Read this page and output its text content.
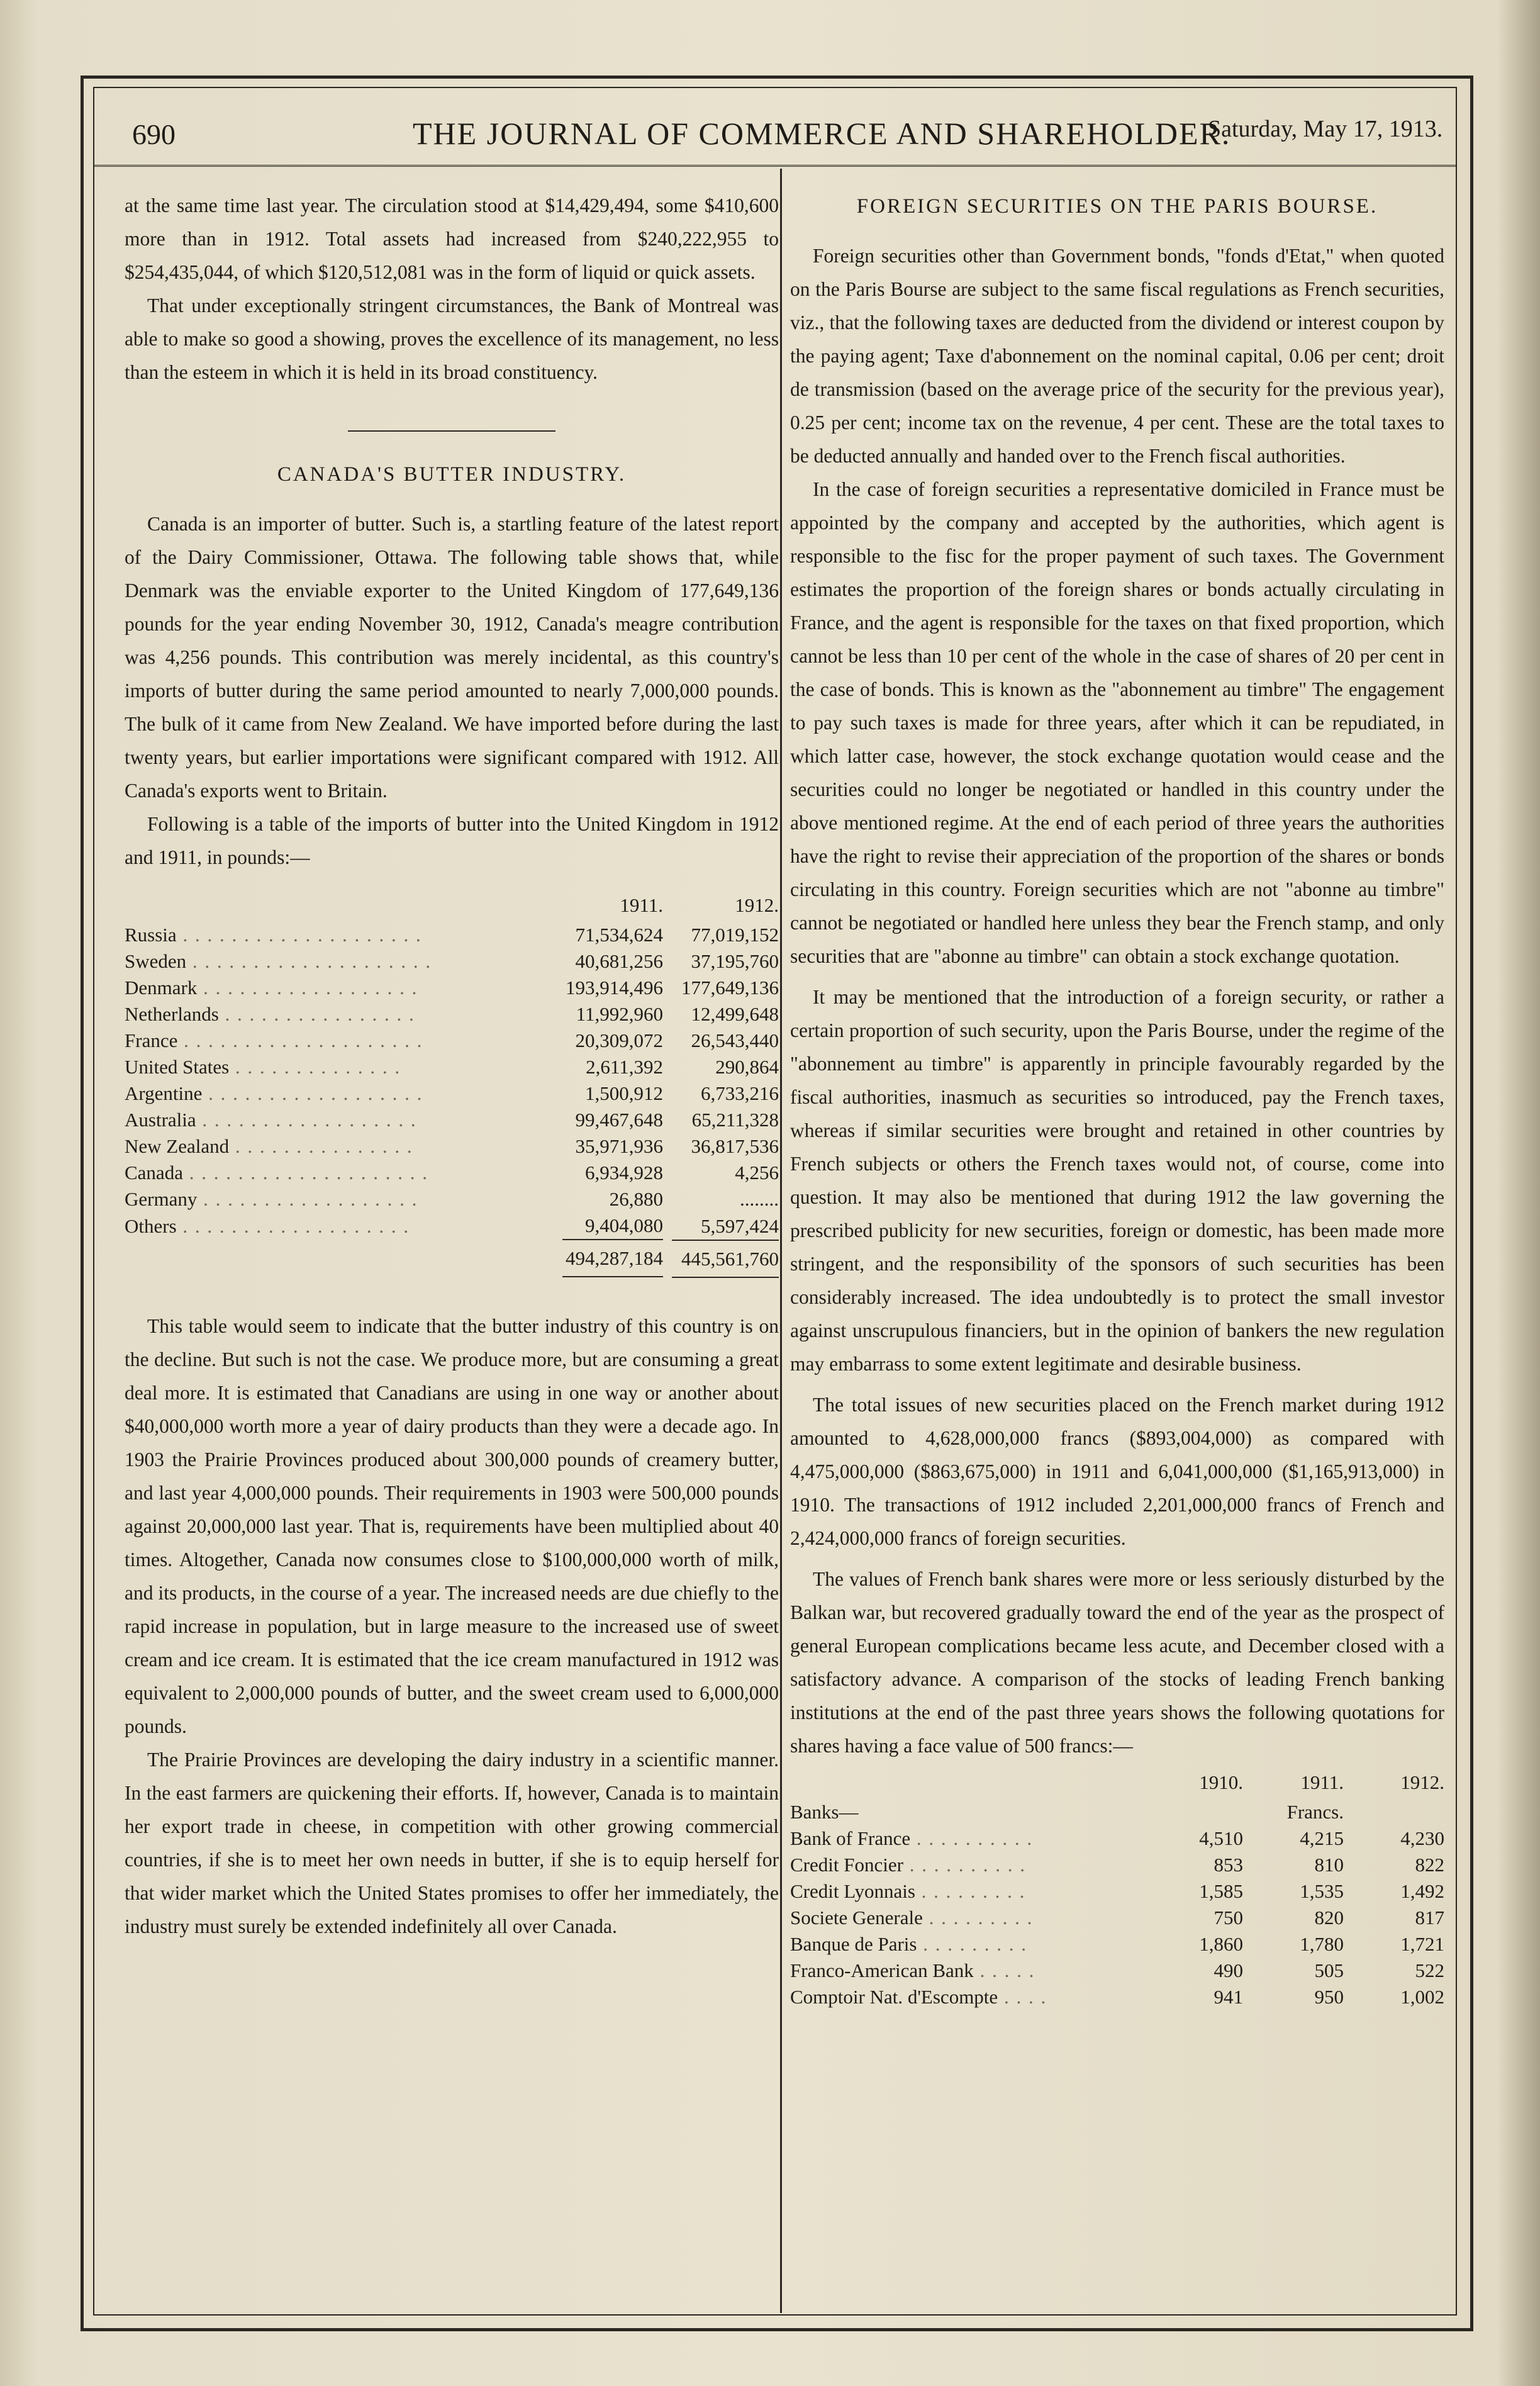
690	THE JOURNAL OF COMMERCE AND SHAREHOLDER.
Saturday, May 17, 1913.

at the same time last year. The circulation stood at $14,429,494, some $410,600 more than in 1912. Total assets had increased from $240,222,955 to $254,435,044, of which $120,512,081 was in the form of liquid or quick assets.

That under exceptionally stringent circumstances, the Bank of Montreal was able to make so good a showing, proves the excellence of its management, no less than the esteem in which it is held in its broad constituency.

CANADA'S BUTTER INDUSTRY.

Canada is an importer of butter. Such is, a startling feature of the latest report of the Dairy Commissioner, Ottawa. The following table shows that, while Denmark was the enviable exporter to the United Kingdom of 177,649,136 pounds for the year ending November 30, 1912, Canada's meagre contribution was 4,256 pounds. This contribution was merely incidental, as this country's imports of butter during the same period amounted to nearly 7,000,000 pounds. The bulk of it came from New Zealand. We have imported before during the last twenty years, but earlier importations were significant compared with 1912. All Canada's exports went to Britain.

Following is a table of the imports of butter into the United Kingdom in 1912 and 1911, in pounds:—

	1911.	1912.
Russia . . . . . . . . . . . . . . . . . . . .	71,534,624	77,019,152
Sweden . . . . . . . . . . . . . . . . . . . .	40,681,256	37,195,760
Denmark . . . . . . . . . . . . . . . . . .	193,914,496	177,649,136
Netherlands . . . . . . . . . . . . . . . .	11,992,960	12,499,648
France . . . . . . . . . . . . . . . . . . . .	20,309,072	26,543,440
United States . . . . . . . . . . . . . .	2,611,392	290,864
Argentine . . . . . . . . . . . . . . . . . .	1,500,912	6,733,216
Australia . . . . . . . . . . . . . . . . . .	99,467,648	65,211,328
New Zealand . . . . . . . . . . . . . . .	35,971,936	36,817,536
Canada . . . . . . . . . . . . . . . . . . . .	6,934,928	4,256
Germany . . . . . . . . . . . . . . . . . .	26,880	........
Others . . . . . . . . . . . . . . . . . . .	9,404,080	5,597,424

	494,287,184	445,561,760

This table would seem to indicate that the butter industry of this country is on the decline. But such is not the case. We produce more, but are consuming a great deal more. It is estimated that Canadians are using in one way or another about $40,000,000 worth more a year of dairy products than they were a decade ago. In 1903 the Prairie Provinces produced about 300,000 pounds of creamery butter, and last year 4,000,000 pounds. Their requirements in 1903 were 500,000 pounds against 20,000,000 last year. That is, requirements have been multiplied about 40 times. Altogether, Canada now consumes close to $100,000,000 worth of milk, and its products, in the course of a year. The increased needs are due chiefly to the rapid increase in population, but in large measure to the increased use of sweet cream and ice cream. It is estimated that the ice cream manufactured in 1912 was equivalent to 2,000,000 pounds of butter, and the sweet cream used to 6,000,000 pounds.

The Prairie Provinces are developing the dairy industry in a scientific manner. In the east farmers are quickening their efforts. If, however, Canada is to maintain her export trade in cheese, in competition with other growing commercial countries, if she is to meet her own needs in butter, if she is to equip herself for that wider market which the United States promises to offer her immediately, the industry must surely be extended indefinitely all over Canada.

FOREIGN SECURITIES ON THE PARIS BOURSE.

Foreign securities other than Government bonds, "fonds d'Etat," when quoted on the Paris Bourse are subject to the same fiscal regulations as French securities, viz., that the following taxes are deducted from the dividend or interest coupon by the paying agent; Taxe d'abonnement on the nominal capital, 0.06 per cent; droit de transmission (based on the average price of the security for the previous year), 0.25 per cent; income tax on the revenue, 4 per cent. These are the total taxes to be deducted annually and handed over to the French fiscal authorities.

In the case of foreign securities a representative domiciled in France must be appointed by the company and accepted by the authorities, which agent is responsible to the fisc for the proper payment of such taxes. The Government estimates the proportion of the foreign shares or bonds actually circulating in France, and the agent is responsible for the taxes on that fixed proportion, which cannot be less than 10 per cent of the whole in the case of shares of 20 per cent in the case of bonds. This is known as the "abonnement au timbre" The engagement to pay such taxes is made for three years, after which it can be repudiated, in which latter case, however, the stock exchange quotation would cease and the securities could no longer be negotiated or handled in this country under the above mentioned regime. At the end of each period of three years the authorities have the right to revise their appreciation of the proportion of the shares or bonds circulating in this country. Foreign securities which are not "abonne au timbre" cannot be negotiated or handled here unless they bear the French stamp, and only securities that are "abonne au timbre" can obtain a stock exchange quotation.

It may be mentioned that the introduction of a foreign security, or rather a certain proportion of such security, upon the Paris Bourse, under the regime of the "abonnement au timbre" is apparently in principle favourably regarded by the fiscal authorities, inasmuch as securities so introduced, pay the French taxes, whereas if similar securities were brought and retained in other countries by French subjects or others the French taxes would not, of course, come into question. It may also be mentioned that during 1912 the law governing the prescribed publicity for new securities, foreign or domestic, has been made more stringent, and the responsibility of the sponsors of such securities has been considerably increased. The idea undoubtedly is to protect the small investor against unscrupulous financiers, but in the opinion of bankers the new regulation may embarrass to some extent legitimate and desirable business.

The total issues of new securities placed on the French market during 1912 amounted to 4,628,000,000 francs ($893,004,000) as compared with 4,475,000,000 ($863,675,000) in 1911 and 6,041,000,000 ($1,165,913,000) in 1910. The transactions of 1912 included 2,201,000,000 francs of French and 2,424,000,000 francs of foreign securities.

The values of French bank shares were more or less seriously disturbed by the Balkan war, but recovered gradually toward the end of the year as the prospect of general European complications became less acute, and December closed with a satisfactory advance. A comparison of the stocks of leading French banking institutions at the end of the past three years shows the following quotations for shares having a face value of 500 francs:—

	1910.	1911.	1912.
Banks—		Francs.	
Bank of France . . . . . . . . . .	4,510	4,215	4,230
Credit Foncier . . . . . . . . . .	853	810	822
Credit Lyonnais . . . . . . . . .	1,585	1,535	1,492
Societe Generale . . . . . . . . .	750	820	817
Banque de Paris . . . . . . . . .	1,860	1,780	1,721
Franco-American Bank . . . . .	490	505	522
Comptoir Nat. d'Escompte . . . .	941	950	1,002
